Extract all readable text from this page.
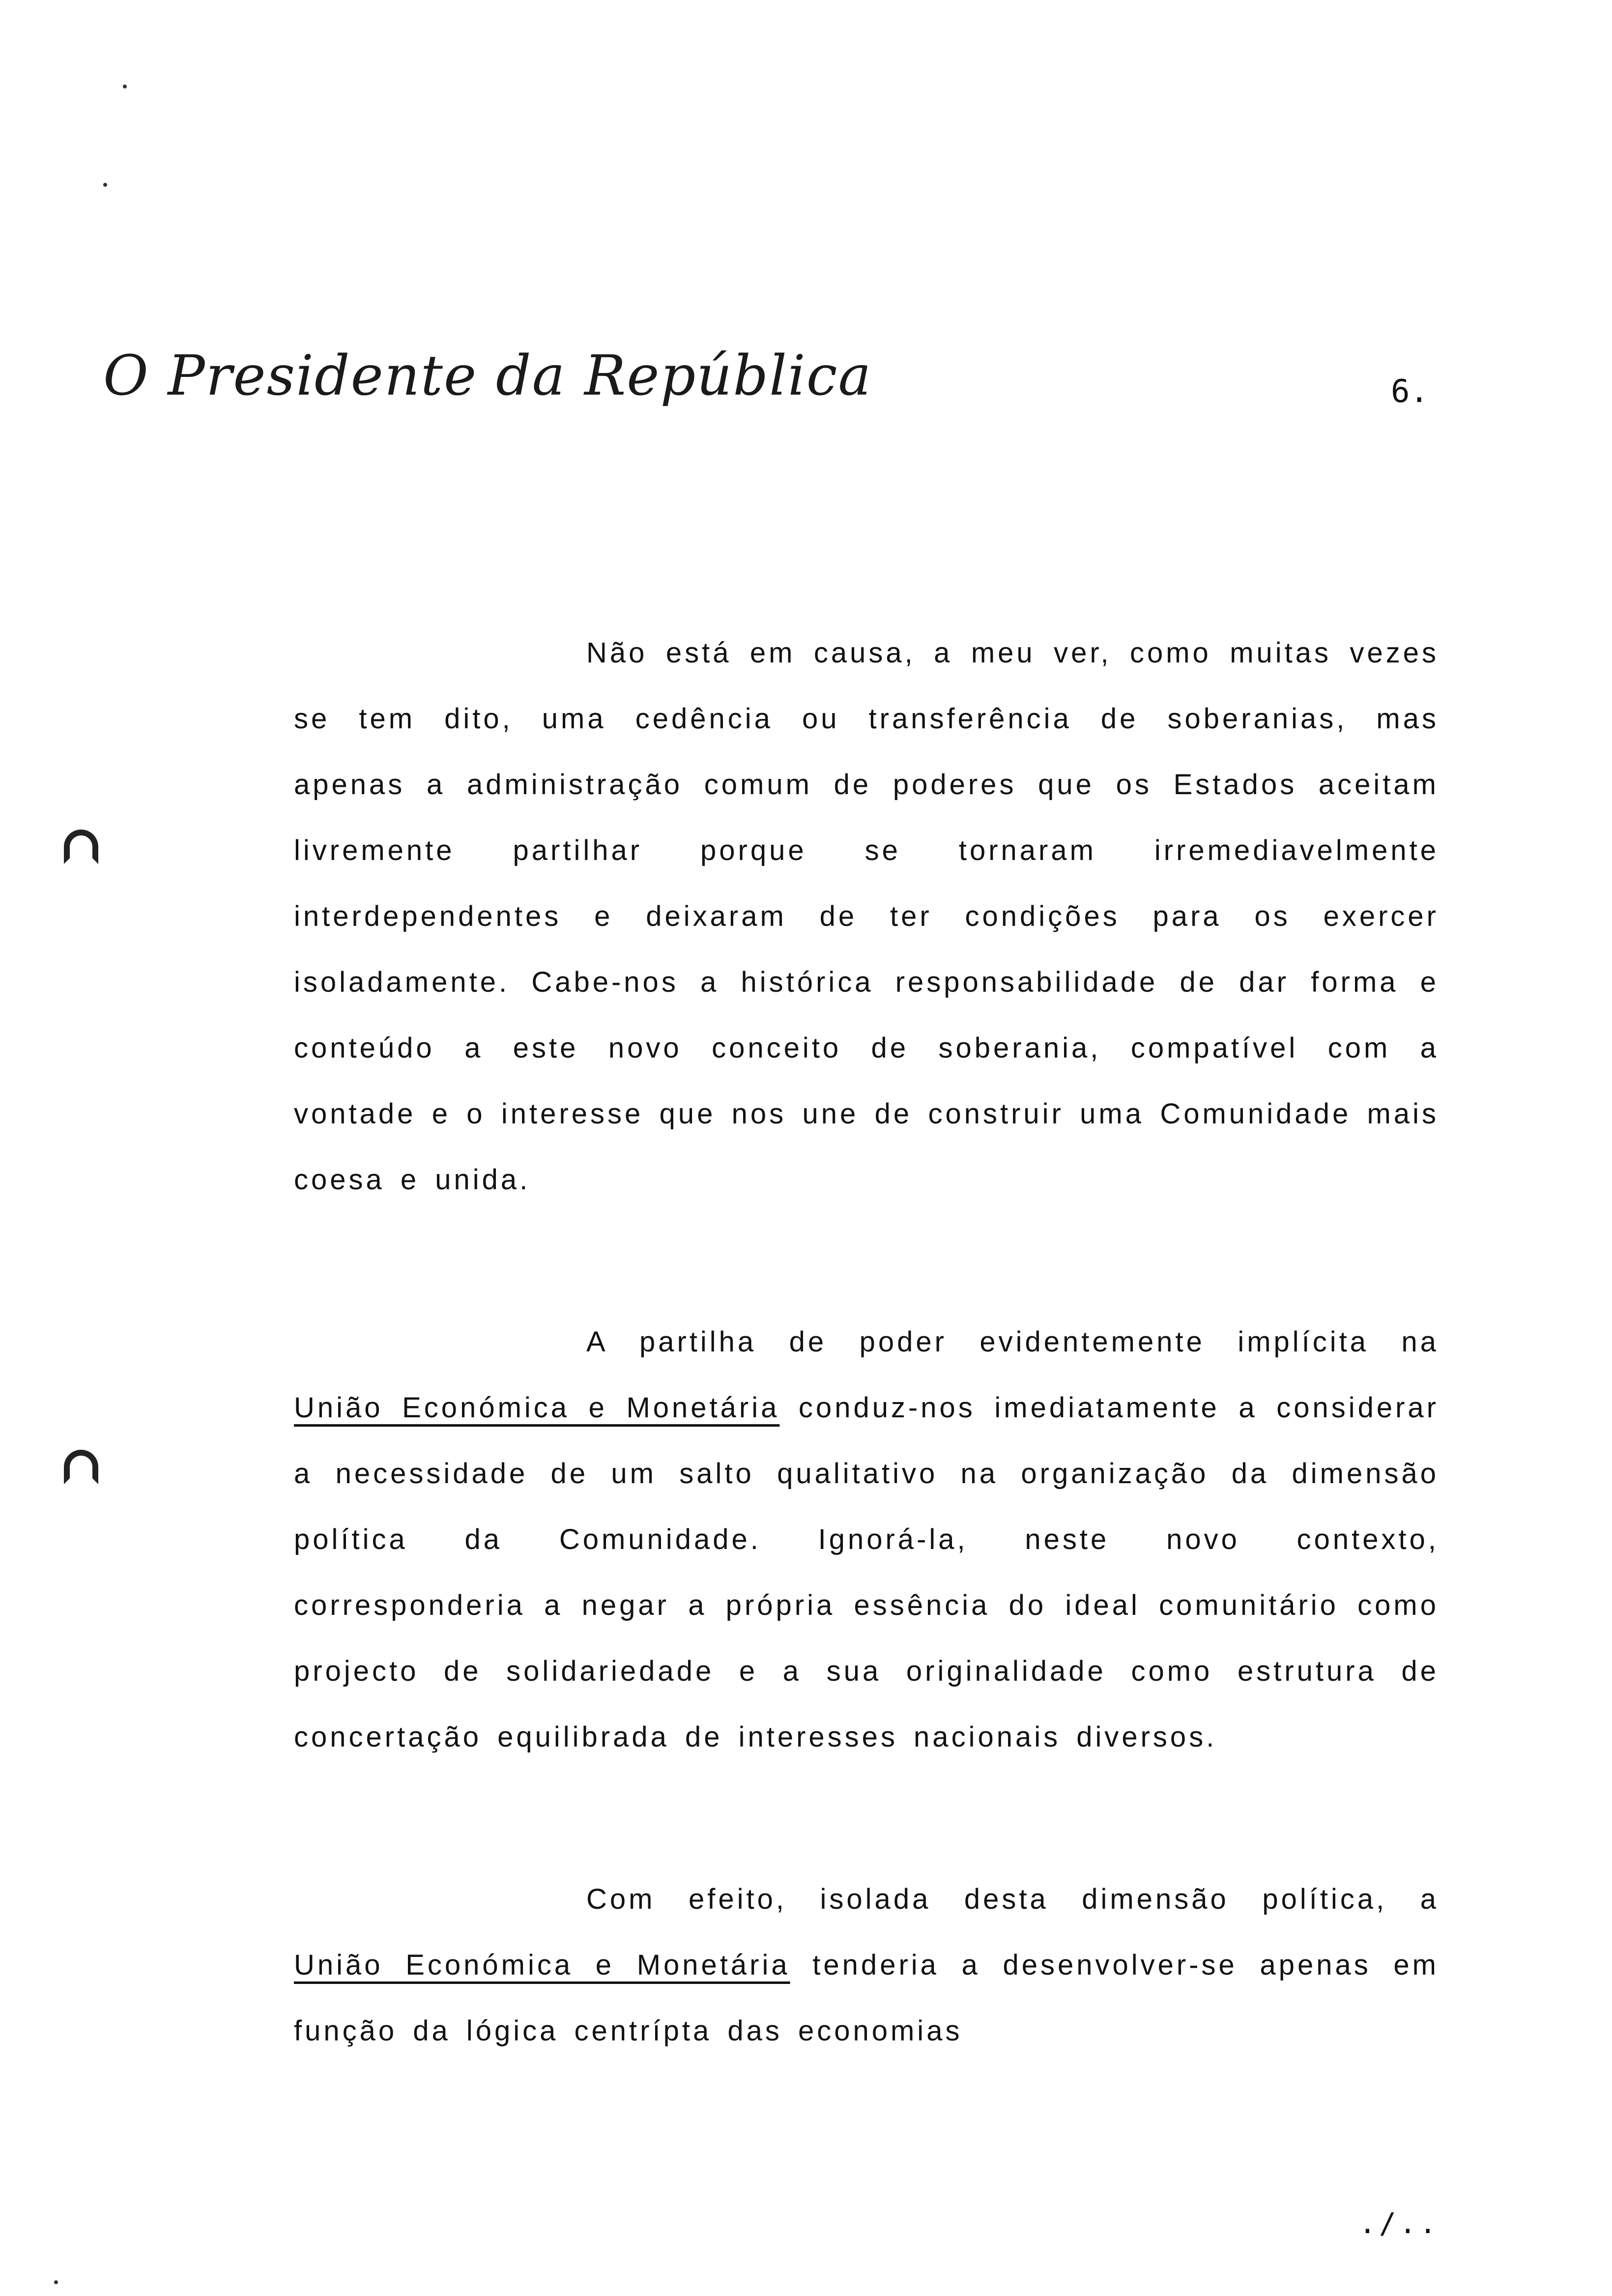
O Presidente da República	6.

Não está em causa, a meu ver, como muitas vezes se tem dito, uma cedência ou transferência de soberanias, mas apenas a administração comum de poderes que os Estados aceitam livremente partilhar porque se tornaram irremediavelmente interdependentes e deixaram de ter condições para os exercer isoladamente. Cabe-nos a histórica responsabilidade de dar forma e conteúdo a este novo conceito de soberania, compatível com a vontade e o interesse que nos une de construir uma Comunidade mais coesa e unida.

A partilha de poder evidentemente implícita na União Económica e Monetária conduz-nos imediatamente a considerar a necessidade de um salto qualitativo na organização da dimensão política da Comunidade. Ignorá-la, neste novo contexto, corresponderia a negar a própria essência do ideal comunitário como projecto de solidariedade e a sua originalidade como estrutura de concertação equilibrada de interesses nacionais diversos.

Com efeito, isolada desta dimensão política, a União Económica e Monetária tenderia a desenvolver-se apenas em função da lógica centrípta das economias

./..
